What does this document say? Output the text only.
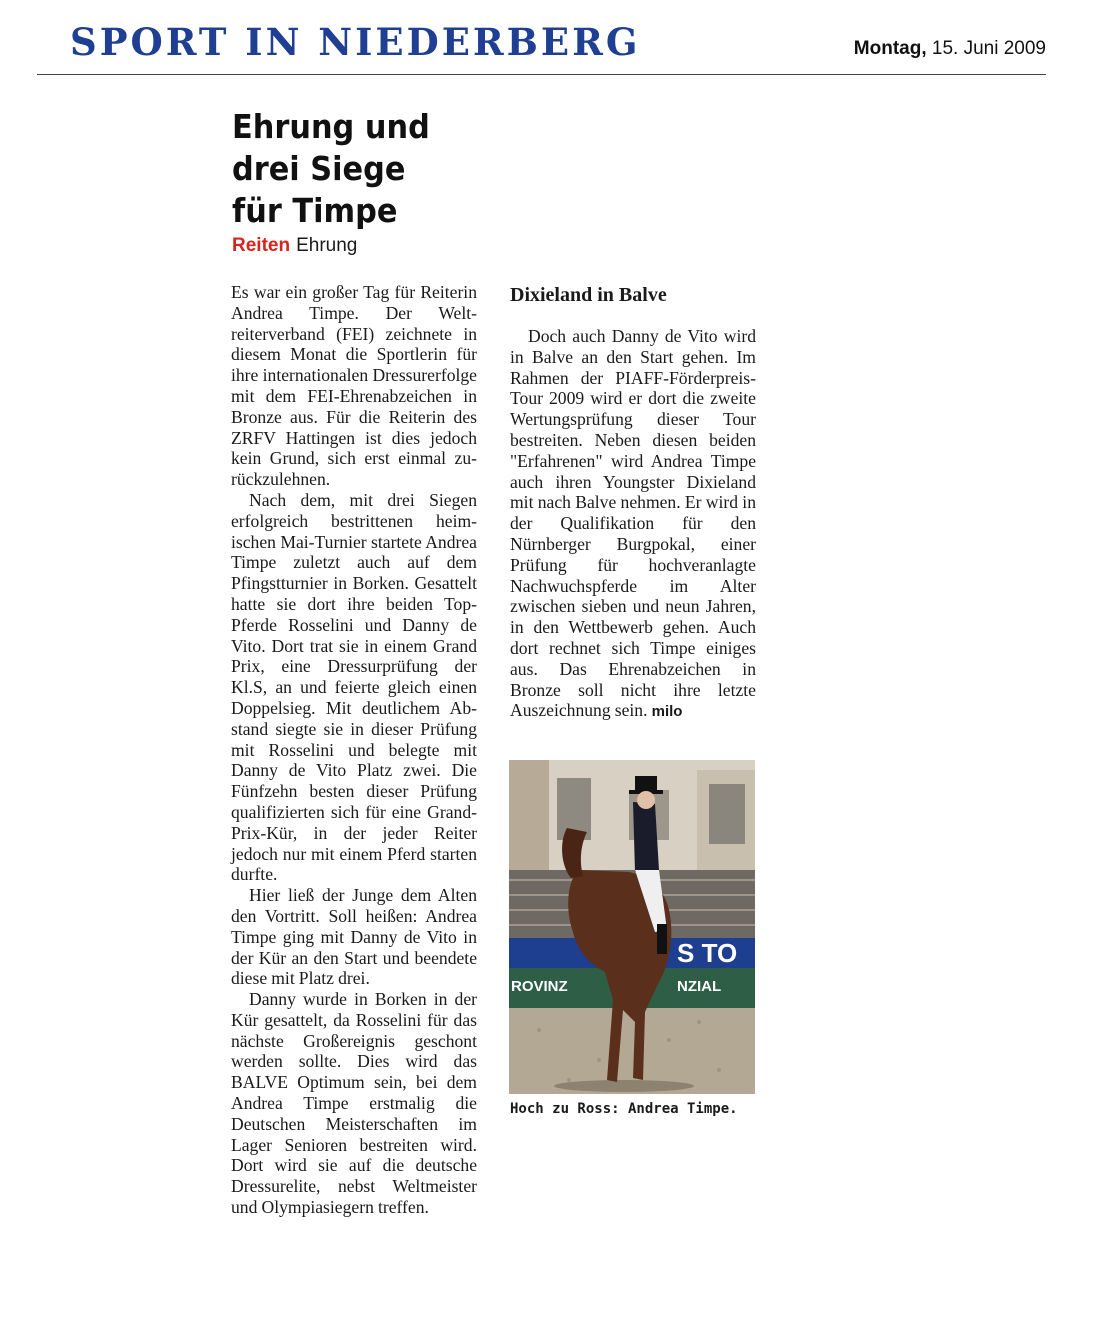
SPORT IN NIEDERBERG	Montag, 15. Juni 2009
Ehrung und
drei Siege
für Timpe
Reiten Ehrung

Es war ein großer Tag für Reiterin Andrea Timpe. Der Weltreiterverband (FEI) zeichnete in diesem Monat die Sportlerin für ihre internationalen Dressurerfolge mit dem FEI-Ehrenabzeichen in Bronze aus. Für die Reiterin des ZRFV Hattingen ist dies jedoch kein Grund, sich erst einmal zurückzulehnen.

Nach dem, mit drei Siegen erfolgreich bestrittenen heimischen Mai-Turnier startete Andrea Timpe zuletzt auch auf dem Pfingstturnier in Borken. Gesattelt hatte sie dort ihre beiden Top-Pferde Rosselini und Danny de Vito. Dort trat sie in einem Grand Prix, eine Dressurprüfung der Kl.S, an und feierte gleich einen Doppelsieg. Mit deutlichem Abstand siegte sie in dieser Prüfung mit Rosselini und belegte mit Danny de Vito Platz zwei. Die Fünfzehn besten dieser Prüfung qualifizierten sich für eine Grand-Prix-Kür, in der jeder Reiter jedoch nur mit einem Pferd starten durfte.

Hier ließ der Junge dem Alten den Vortritt. Soll heißen: Andrea Timpe ging mit Danny de Vito in der Kür an den Start und beendete diese mit Platz drei.

Danny wurde in Borken in der Kür gesattelt, da Rosselini für das nächste Großereignis geschont werden sollte. Dies wird das BALVE Optimum sein, bei dem Andrea Timpe erstmalig die Deutschen Meisterschaften im Lager Senioren bestreiten wird. Dort wird sie auf die deutsche Dressurelite, nebst Weltmeister und Olympiasiegern treffen.

Dixieland in Balve

Doch auch Danny de Vito wird in Balve an den Start gehen. Im Rahmen der PIAFF-Förderpreis-Tour 2009 wird er dort die zweite Wertungsprüfung dieser Tour bestreiten. Neben diesen beiden "Erfahrenen" wird Andrea Timpe auch ihren Youngster Dixieland mit nach Balve nehmen. Er wird in der Qualifikation für den Nürnberger Burgpokal, einer Prüfung für hochveranlagte Nachwuchspferde im Alter zwischen sieben und neun Jahren, in den Wettbewerb gehen. Auch dort rechnet sich Timpe einiges aus. Das Ehrenabzeichen in Bronze soll nicht ihre letzte Auszeichnung sein. milo

S TO
ROVINZ	NZIAL
Hoch zu Ross: Andrea Timpe.
